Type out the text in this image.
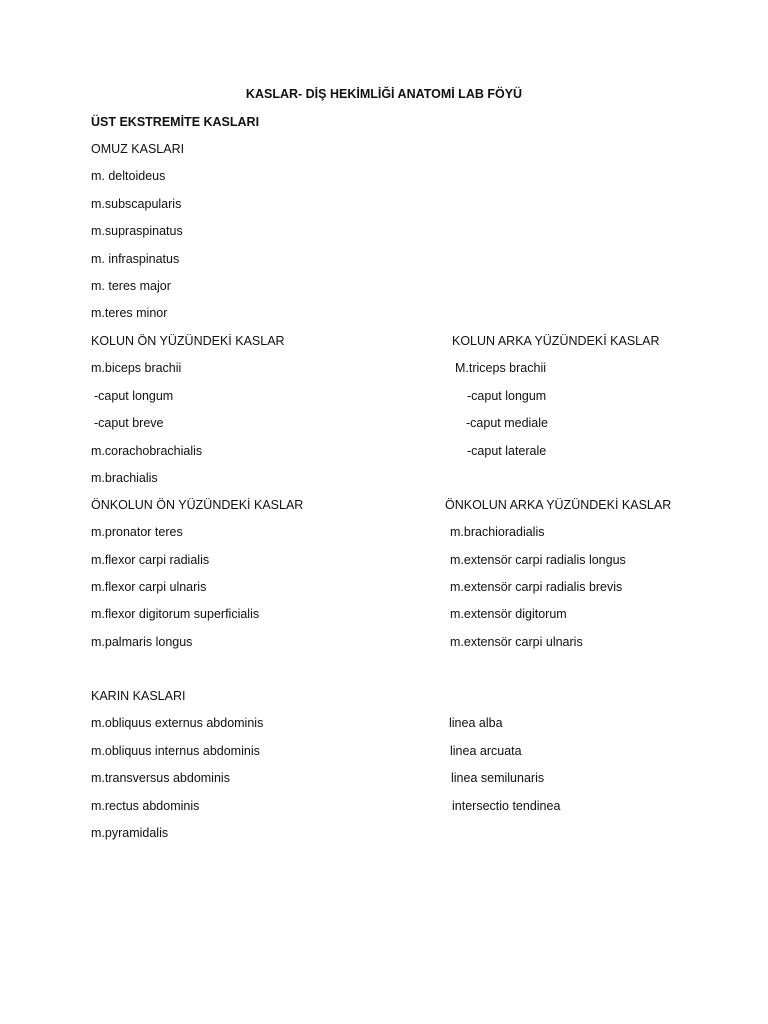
KASLAR- DİŞ HEKİMLİĞİ ANATOMİ LAB FÖYÜ
ÜST EKSTREMİTE KASLARI
OMUZ KASLARI
m. deltoideus
m.subscapularis
m.supraspinatus
m. infraspinatus
m. teres major
m.teres minor
KOLUN ÖN YÜZÜNDEKİ KASLAR	KOLUN ARKA YÜZÜNDEKİ KASLAR
m.biceps brachii	M.triceps brachii
-caput longum	-caput longum
-caput breve	-caput mediale
m.corachobrachialis	-caput laterale
m.brachialis
ÖNKOLUN ÖN YÜZÜNDEKİ KASLAR	ÖNKOLUN ARKA YÜZÜNDEKİ KASLAR
m.pronator teres	m.brachioradialis
m.flexor carpi radialis	m.extensör carpi radialis longus
m.flexor carpi ulnaris	m.extensör carpi radialis brevis
m.flexor digitorum superficialis	m.extensör digitorum
m.palmaris longus	m.extensör carpi ulnaris
KARIN KASLARI
m.obliquus externus abdominis	linea alba
m.obliquus internus abdominis	linea arcuata
m.transversus abdominis	linea semilunaris
m.rectus abdominis	intersectio tendinea
m.pyramidalis
